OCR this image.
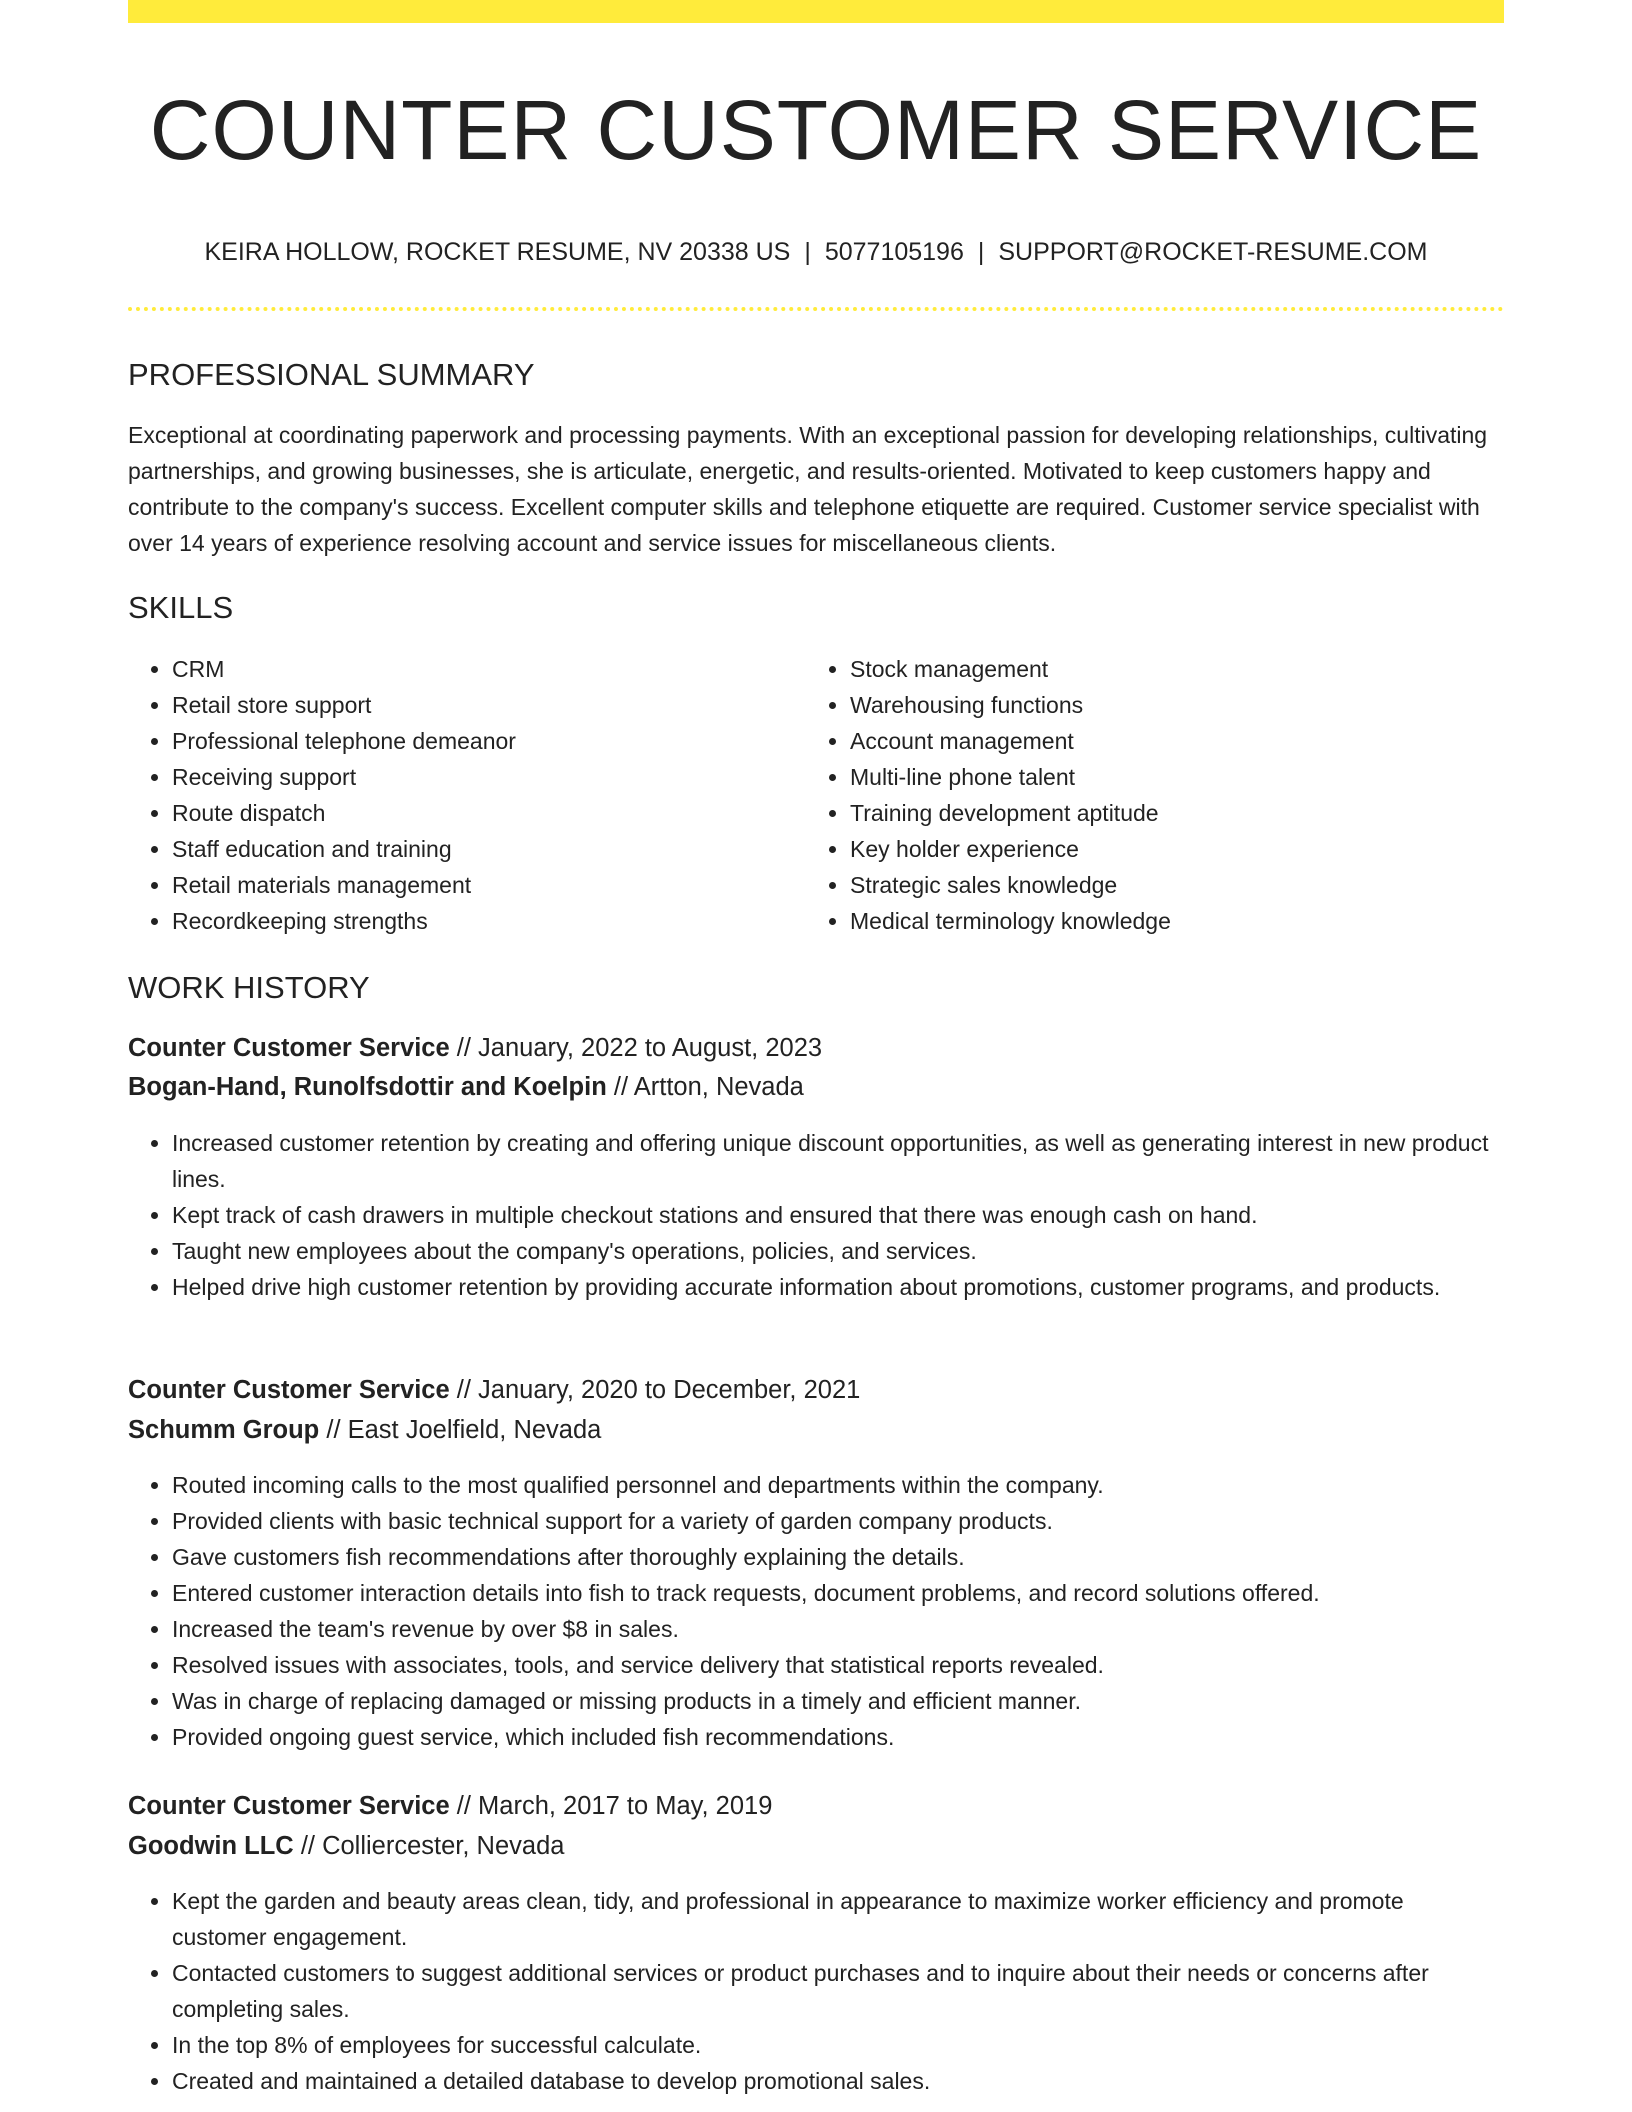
COUNTER CUSTOMER SERVICE
KEIRA HOLLOW, ROCKET RESUME, NV 20338 US | 5077105196 | SUPPORT@ROCKET-RESUME.COM
PROFESSIONAL SUMMARY

Exceptional at coordinating paperwork and processing payments. With an exceptional passion for developing relationships, cultivating partnerships, and growing businesses, she is articulate, energetic, and results-oriented. Motivated to keep customers happy and contribute to the company's success. Excellent computer skills and telephone etiquette are required. Customer service specialist with over 14 years of experience resolving account and service issues for miscellaneous clients.

SKILLS
• CRM
• Retail store support
• Professional telephone demeanor
• Receiving support
• Route dispatch
• Staff education and training
• Retail materials management
• Recordkeeping strengths
• Stock management
• Warehousing functions
• Account management
• Multi-line phone talent
• Training development aptitude
• Key holder experience
• Strategic sales knowledge
• Medical terminology knowledge
WORK HISTORY
Counter Customer Service // January, 2022 to August, 2023
Bogan-Hand, Runolfsdottir and Koelpin // Artton, Nevada
• Increased customer retention by creating and offering unique discount opportunities, as well as generating interest in new product lines.
• Kept track of cash drawers in multiple checkout stations and ensured that there was enough cash on hand.
• Taught new employees about the company's operations, policies, and services.
• Helped drive high customer retention by providing accurate information about promotions, customer programs, and products.
Counter Customer Service // January, 2020 to December, 2021
Schumm Group // East Joelfield, Nevada
• Routed incoming calls to the most qualified personnel and departments within the company.
• Provided clients with basic technical support for a variety of garden company products.
• Gave customers fish recommendations after thoroughly explaining the details.
• Entered customer interaction details into fish to track requests, document problems, and record solutions offered.
• Increased the team's revenue by over $8 in sales.
• Resolved issues with associates, tools, and service delivery that statistical reports revealed.
• Was in charge of replacing damaged or missing products in a timely and efficient manner.
• Provided ongoing guest service, which included fish recommendations.
Counter Customer Service // March, 2017 to May, 2019
Goodwin LLC // Colliercester, Nevada
• Kept the garden and beauty areas clean, tidy, and professional in appearance to maximize worker efficiency and promote customer engagement.
• Contacted customers to suggest additional services or product purchases and to inquire about their needs or concerns after completing sales.
• In the top 8% of employees for successful calculate.
• Created and maintained a detailed database to develop promotional sales.
